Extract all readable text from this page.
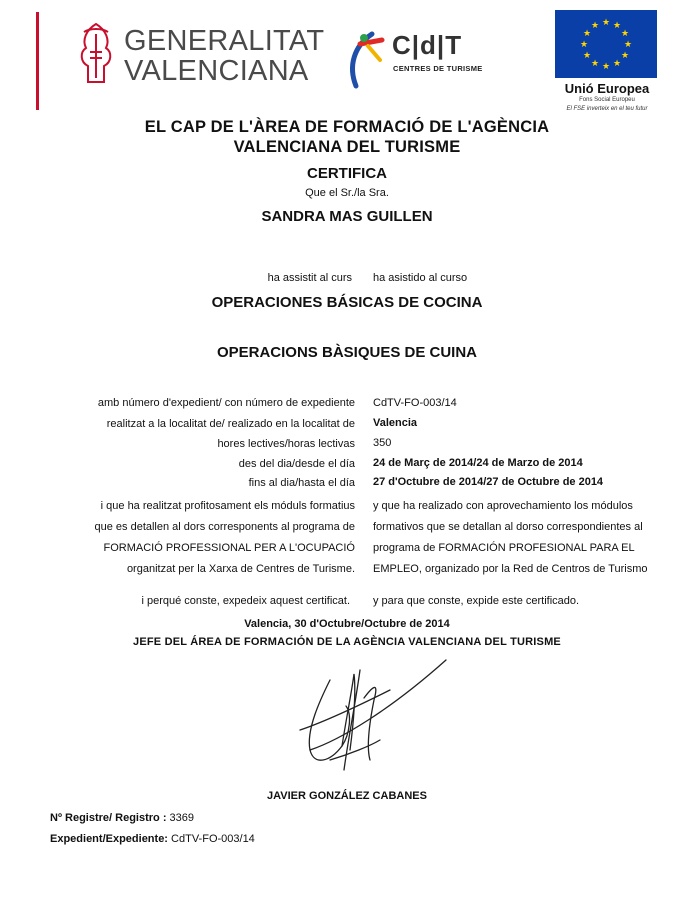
GENERALITAT
VALENCIANA
C|d|T
CENTRES DE TURISME
★ ★
★
★
★
★
★
★
★
★
★
★
Unió Europea
Fons Social Europeu
El FSE inverteix en el teu futur
EL CAP DE L'ÀREA DE FORMACIÓ DE L'AGÈNCIA
VALENCIANA DEL TURISME
CERTIFICA
Que el Sr./la Sra.
SANDRA MAS GUILLEN
ha assistit al curs ha asistido al curso
OPERACIONES BÁSICAS DE COCINA
OPERACIONS BÀSIQUES DE CUINA
amb número d'expedient/ con número de expediente CdTV-FO-003/14
realitzat a la localitat de/ realizado en la localitat de Valencia
hores lectives/horas lectivas 350
des del dia/desde el día 24 de Març de 2014/24 de Marzo de 2014
fins al dia/hasta el día 27 d'Octubre de 2014/27 de Octubre de 2014
i que ha realitzat profitosament els móduls formatius
que es detallen al dors corresponents al programa de
FORMACIÓ PROFESSIONAL PER A L'OCUPACIÓ
organitzat per la Xarxa de Centres de Turisme.
y que ha realizado con aprovechamiento los módulos
formativos que se detallan al dorso correspondientes al
programa de FORMACIÓN PROFESIONAL PARA EL
EMPLEO, organizado por la Red de Centros de Turismo
i perqué conste, expedeix aquest certificat. y para que conste, expide este certificado.
Valencia, 30 d'Octubre/Octubre de 2014
JEFE DEL ÁREA DE FORMACIÓN DE LA AGÈNCIA VALENCIANA DEL TURISME
JAVIER GONZÁLEZ CABANES
Nº Registre/ Registro : 3369
Expedient/Expediente: CdTV-FO-003/14
